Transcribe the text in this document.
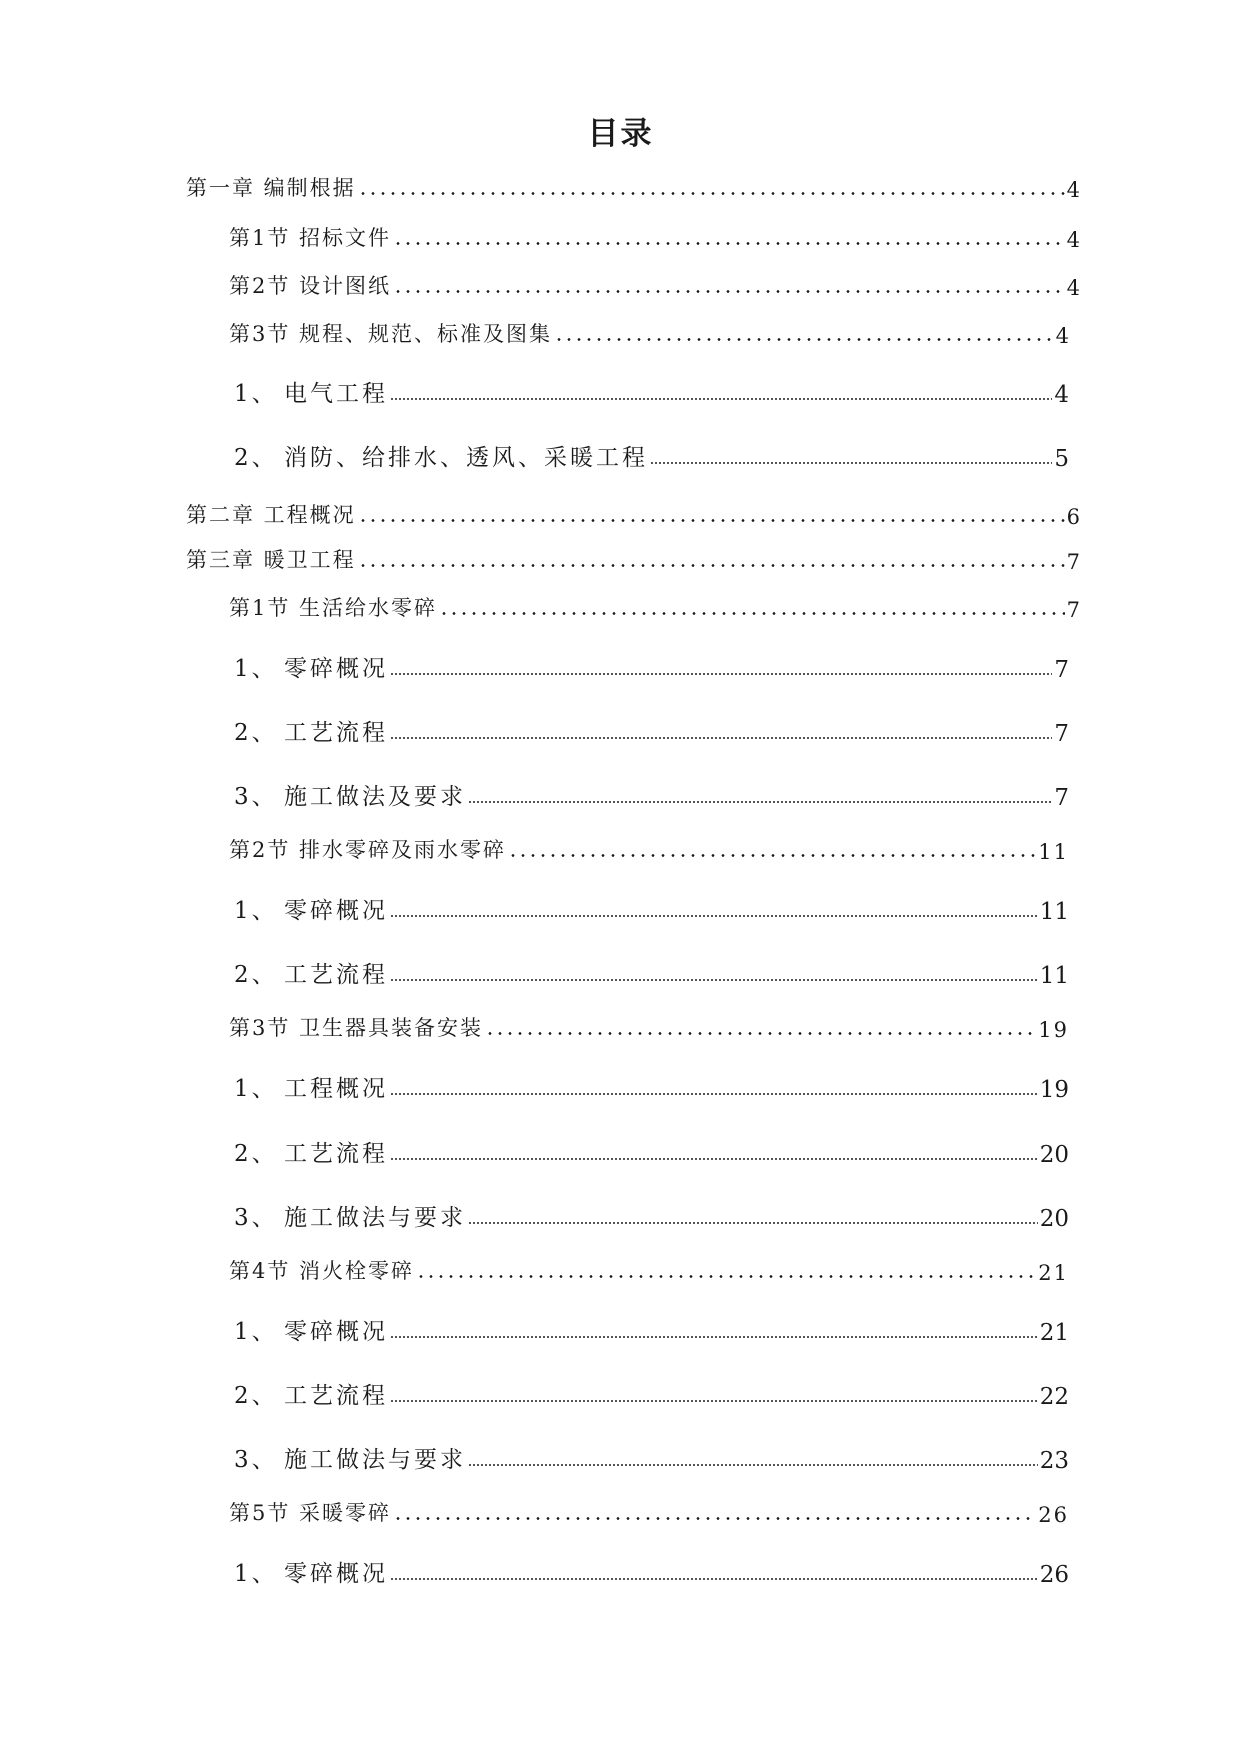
目录
第一章 编制根据	4
第1节 招标文件	4
第2节 设计图纸	4
第3节 规程、规范、标准及图集	4
1、 电气工程	4
2、 消防、给排水、透风、采暖工程	5
第二章 工程概况	6
第三章 暖卫工程	7
第1节 生活给水零碎	7
1、 零碎概况	7
2、 工艺流程	7
3、 施工做法及要求	7
第2节 排水零碎及雨水零碎	11
1、 零碎概况	11
2、 工艺流程	11
第3节 卫生器具装备安装	19
1、 工程概况	19
2、 工艺流程	20
3、 施工做法与要求	20
第4节 消火栓零碎	21
1、 零碎概况	21
2、 工艺流程	22
3、 施工做法与要求	23
第5节 采暖零碎	26
1、 零碎概况	26
